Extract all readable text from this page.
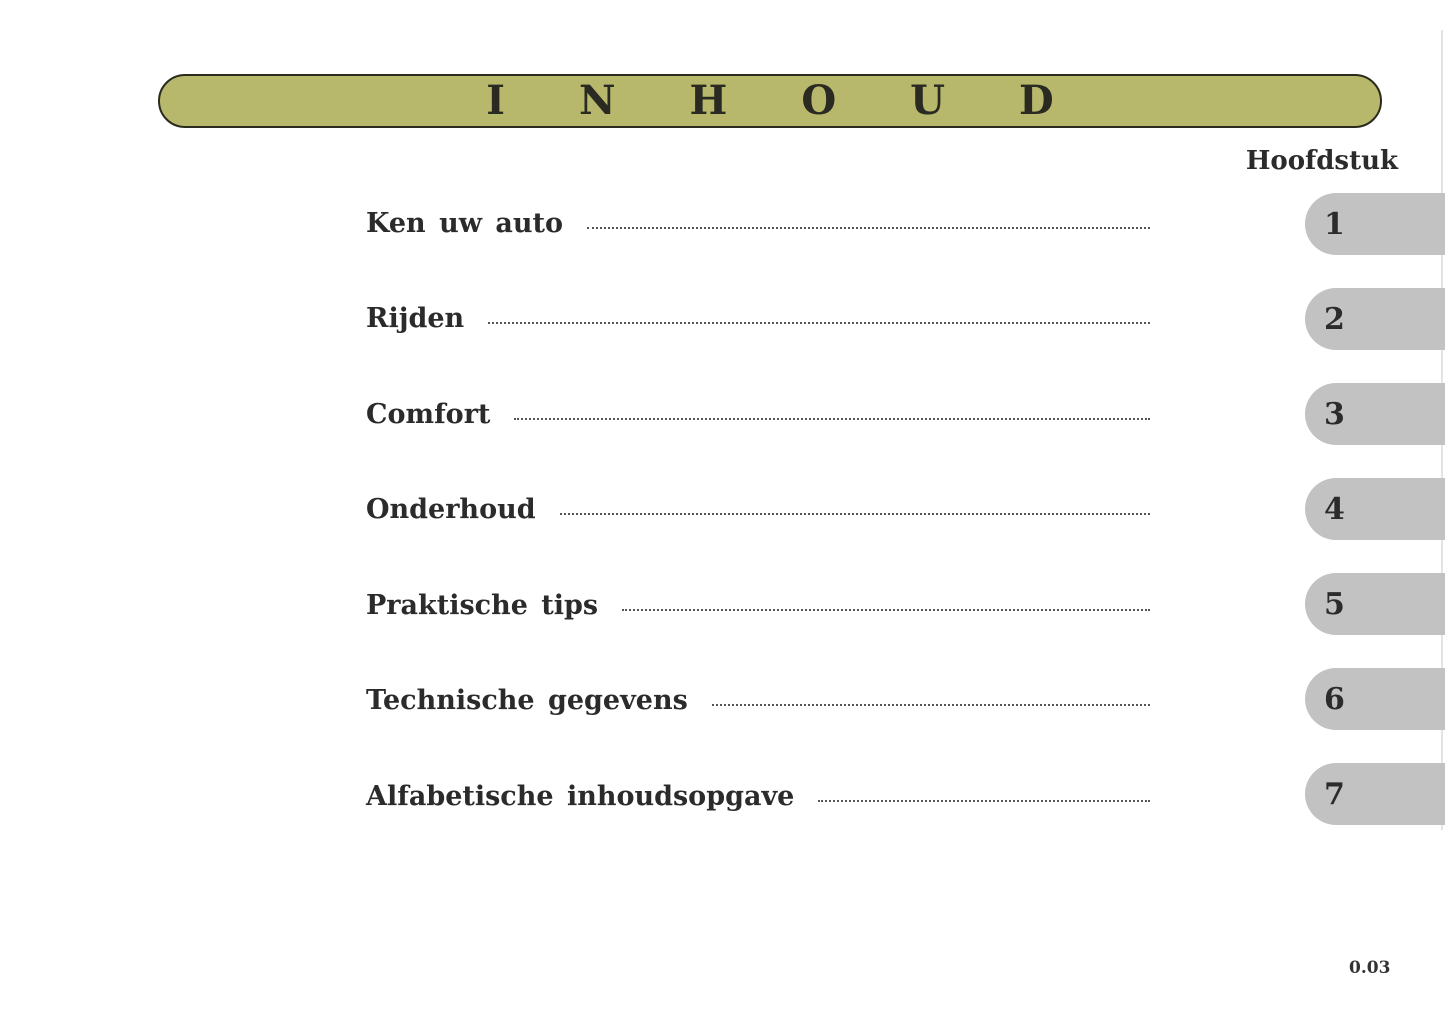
INHOUD
Hoofdstuk
Ken uw auto
Rijden
Comfort
Onderhoud
Praktische tips
Technische gegevens
Alfabetische inhoudsopgave
1
2
3
4
5
6
7
0.03
